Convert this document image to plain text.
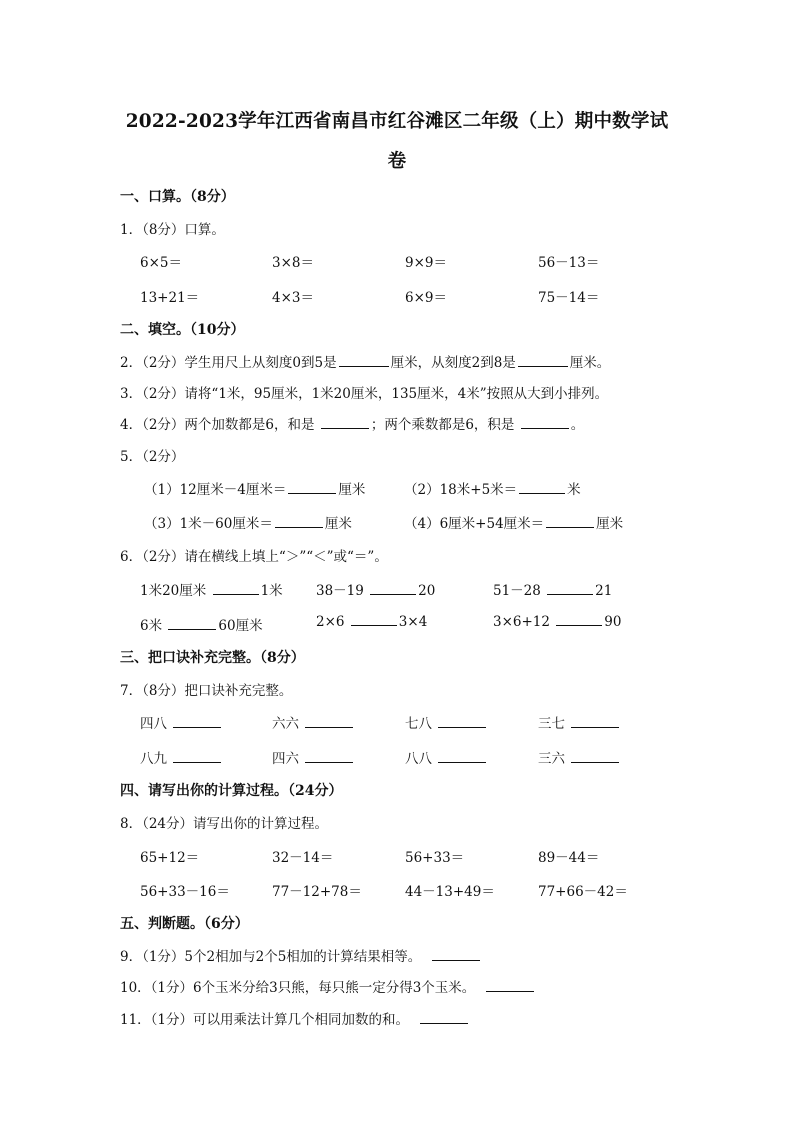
2022-2023学年江西省南昌市红谷滩区二年级（上）期中数学试
卷
一、口算。（8分）
1．（8分）口算。
6×5＝	3×8＝	9×9＝	56－13＝
13+21＝	4×3＝	6×9＝	75－14＝
二、填空。（10分）
2．（2分）学生用尺上从刻度0到5是	厘米，从刻度2到8是	厘米。
3．（2分）请将“1米，95厘米，1米20厘米，135厘米，4米”按照从大到小排列。
4．（2分）两个加数都是6，和是	；两个乘数都是6，积是	。
5．（2分）
（1）12厘米－4厘米＝	厘米	（2）18米+5米＝	米
（3）1米－60厘米＝	厘米	（4）6厘米+54厘米＝	厘米
6．（2分）请在横线上填上“＞”“＜”或“＝”。
1米20厘米	1米 38－19	20	51－28	21
6米	60厘米	2×6	3×4	3×6+12	90
三、把口诀补充完整。（8分）
7．（8分）把口诀补充完整。
四八	六六	七八	三七
八九	四六	八八	三六
四、请写出你的计算过程。（24分）
8．（24分）请写出你的计算过程。
65+12＝	32－14＝	56+33＝	89－44＝
56+33－16＝	77－12+78＝	44－13+49＝	77+66－42＝
五、判断题。（6分）
9．（1分）5个2相加与2个5相加的计算结果相等。
10．（1分）6个玉米分给3只熊，每只熊一定分得3个玉米。
11．（1分）可以用乘法计算几个相同加数的和。
